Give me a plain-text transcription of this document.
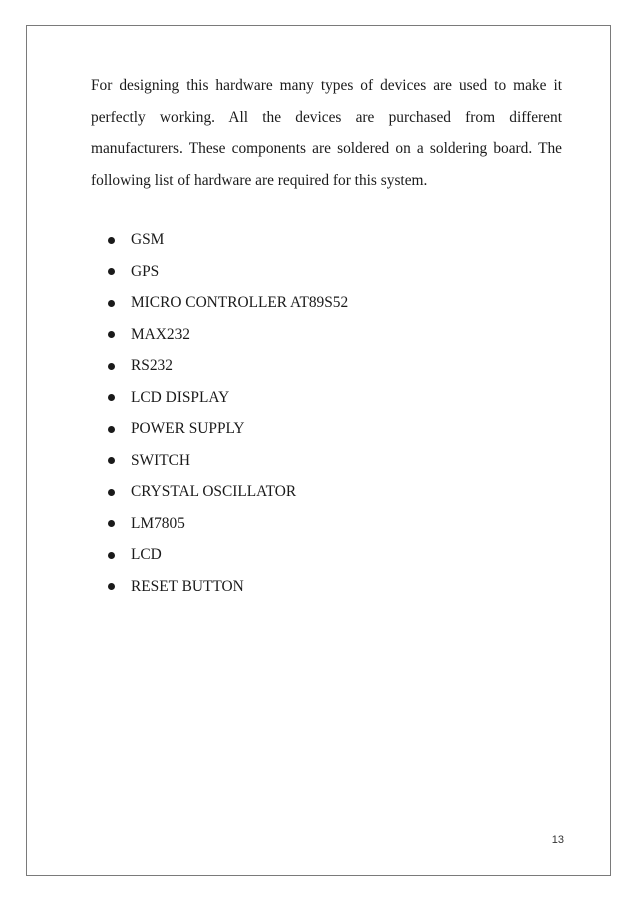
For designing this hardware many types of devices are used to make it perfectly working. All the devices are purchased from different manufacturers. These components are soldered on a soldering board. The following list of hardware are required for this system.

GSM
GPS
MICRO CONTROLLER AT89S52
MAX232
RS232
LCD DISPLAY
POWER SUPPLY
SWITCH
CRYSTAL OSCILLATOR
LM7805
LCD
RESET BUTTON
13
